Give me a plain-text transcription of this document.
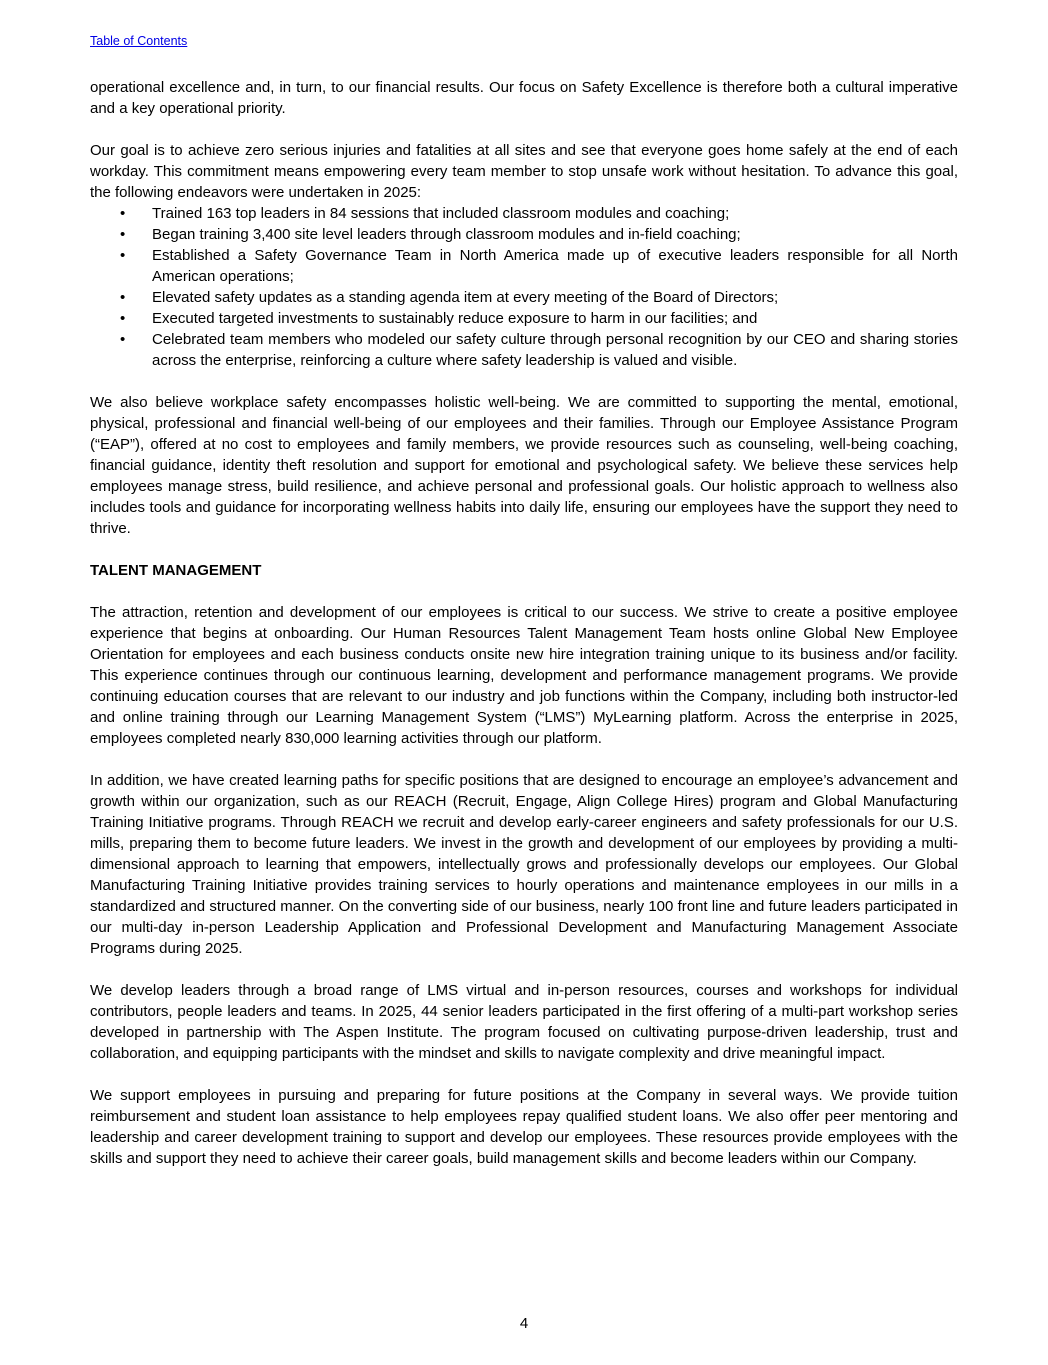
Table of Contents

operational excellence and, in turn, to our financial results. Our focus on Safety Excellence is therefore both a cultural imperative and a key operational priority.

Our goal is to achieve zero serious injuries and fatalities at all sites and see that everyone goes home safely at the end of each workday. This commitment means empowering every team member to stop unsafe work without hesitation. To advance this goal, the following endeavors were undertaken in 2025:

•	Trained 163 top leaders in 84 sessions that included classroom modules and coaching;
•	Began training 3,400 site level leaders through classroom modules and in-field coaching;
•	Established a Safety Governance Team in North America made up of executive leaders responsible for all North American operations;
•	Elevated safety updates as a standing agenda item at every meeting of the Board of Directors;
•	Executed targeted investments to sustainably reduce exposure to harm in our facilities; and
•	Celebrated team members who modeled our safety culture through personal recognition by our CEO and sharing stories across the enterprise, reinforcing a culture where safety leadership is valued and visible.

We also believe workplace safety encompasses holistic well-being. We are committed to supporting the mental, emotional, physical, professional and financial well-being of our employees and their families. Through our Employee Assistance Program (“EAP”), offered at no cost to employees and family members, we provide resources such as counseling, well-being coaching, financial guidance, identity theft resolution and support for emotional and psychological safety. We believe these services help employees manage stress, build resilience, and achieve personal and professional goals. Our holistic approach to wellness also includes tools and guidance for incorporating wellness habits into daily life, ensuring our employees have the support they need to thrive.

TALENT MANAGEMENT

The attraction, retention and development of our employees is critical to our success. We strive to create a positive employee experience that begins at onboarding. Our Human Resources Talent Management Team hosts online Global New Employee Orientation for employees and each business conducts onsite new hire integration training unique to its business and/or facility. This experience continues through our continuous learning, development and performance management programs. We provide continuing education courses that are relevant to our industry and job functions within the Company, including both instructor-led and online training through our Learning Management System (“LMS”) MyLearning platform. Across the enterprise in 2025, employees completed nearly 830,000 learning activities through our platform.

In addition, we have created learning paths for specific positions that are designed to encourage an employee’s advancement and growth within our organization, such as our REACH (Recruit, Engage, Align College Hires) program and Global Manufacturing Training Initiative programs. Through REACH we recruit and develop early-career engineers and safety professionals for our U.S. mills, preparing them to become future leaders. We invest in the growth and development of our employees by providing a multi-dimensional approach to learning that empowers, intellectually grows and professionally develops our employees. Our Global Manufacturing Training Initiative provides training services to hourly operations and maintenance employees in our mills in a standardized and structured manner. On the converting side of our business, nearly 100 front line and future leaders participated in our multi-day in-person Leadership Application and Professional Development and Manufacturing Management Associate Programs during 2025.

We develop leaders through a broad range of LMS virtual and in-person resources, courses and workshops for individual contributors, people leaders and teams. In 2025, 44 senior leaders participated in the first offering of a multi-part workshop series developed in partnership with The Aspen Institute. The program focused on cultivating purpose-driven leadership, trust and collaboration, and equipping participants with the mindset and skills to navigate complexity and drive meaningful impact.

We support employees in pursuing and preparing for future positions at the Company in several ways. We provide tuition reimbursement and student loan assistance to help employees repay qualified student loans. We also offer peer mentoring and leadership and career development training to support and develop our employees. These resources provide employees with the skills and support they need to achieve their career goals, build management skills and become leaders within our Company.

4
